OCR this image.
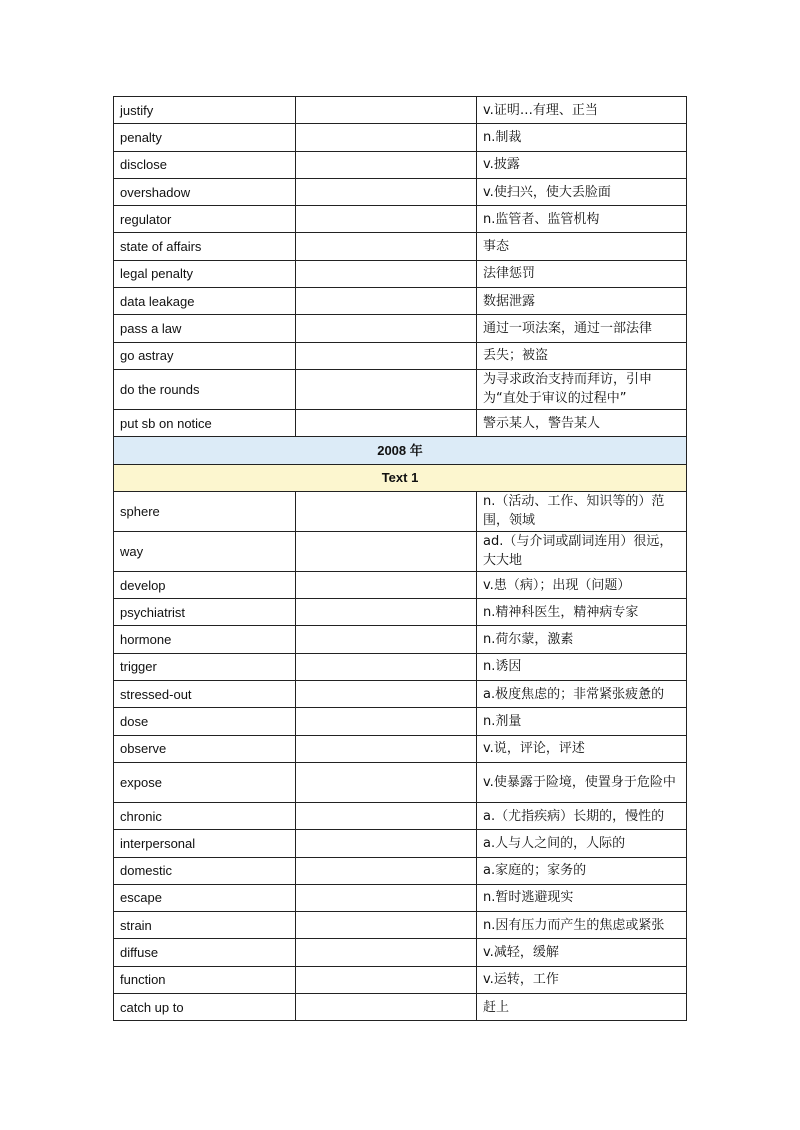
justify		v.证明…有理、正当
penalty		n.制裁
disclose		v.披露
overshadow		v.使扫兴，使大丢脸面
regulator		n.监管者、监管机构
state of affairs		事态
legal penalty		法律惩罚
data leakage		数据泄露
pass a law		通过一项法案，通过一部法律
go astray		丢失；被盗
do the rounds		为寻求政治支持而拜访，引申为“直处于审议的过程中”
put sb on notice		警示某人，警告某人
2008 年		
Text 1		
sphere		n.（活动、工作、知识等的）范围，领域
way		ad.（与介词或副词连用）很远，大大地
develop		v.患（病）；出现（问题）
psychiatrist		n.精神科医生，精神病专家
hormone		n.荷尔蒙，激素
trigger		n.诱因
stressed-out		a.极度焦虑的；非常紧张疲惫的
dose		n.剂量
observe		v.说，评论，评述
expose		v.使暴露于险境，使置身于危险中
chronic		a.（尤指疾病）长期的，慢性的
interpersonal		a.人与人之间的，人际的
domestic		a.家庭的；家务的
escape		n.暂时逃避现实
strain		n.因有压力而产生的焦虑或紧张
diffuse		v.减轻，缓解
function		v.运转，工作
catch up to		赶上
